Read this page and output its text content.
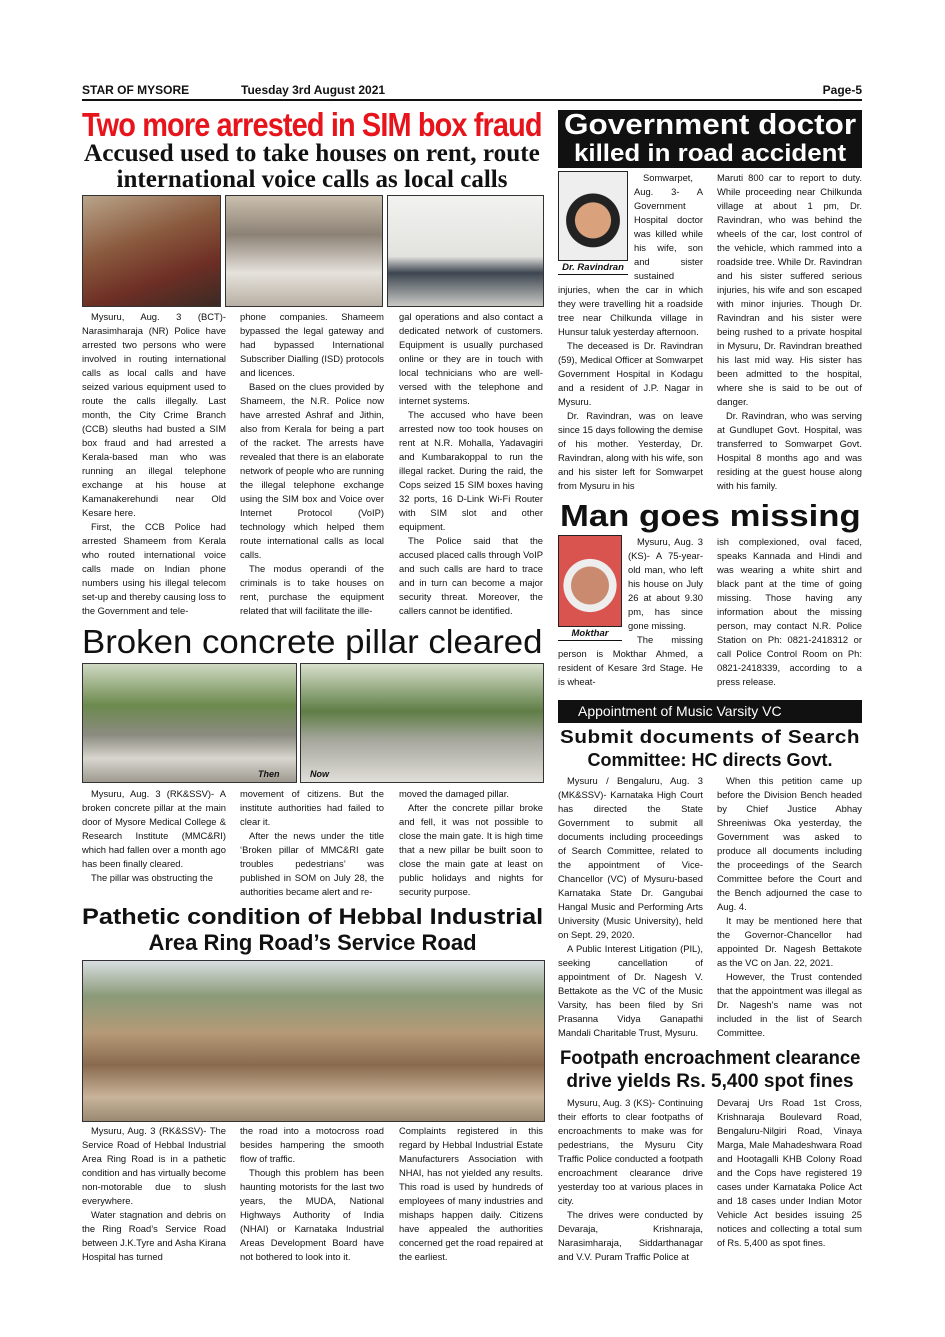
STAR OF MYSORE	Tuesday 3rd August 2021	Page-5
Two more arrested in SIM box fraud
Accused used to take houses on rent, route
international voice calls as local calls

Mysuru, Aug. 3 (BCT)- Narasimharaja (NR) Police have arrested two persons who were involved in routing international calls as local calls and have seized various equipment used to route the calls illegally. Last month, the City Crime Branch (CCB) sleuths had busted a SIM box fraud and had arrested a Kerala-based man who was running an illegal telephone exchange at his house at Kamanakerehundi near Old Kesare here.

First, the CCB Police had arrested Shameem from Kerala who routed international voice calls made on Indian phone numbers using his illegal telecom set-up and thereby causing loss to the Government and tele-

phone companies. Shameem bypassed the legal gateway and had bypassed International Subscriber Dialling (ISD) protocols and licences.

Based on the clues provided by Shameem, the N.R. Police now have arrested Ashraf and Jithin, also from Kerala for being a part of the racket. The arrests have revealed that there is an elaborate network of people who are running the illegal telephone exchange using the SIM box and Voice over Internet Protocol (VoIP) technology which helped them route international calls as local calls.

The modus operandi of the criminals is to take houses on rent, purchase the equipment related that will facilitate the ille-

gal operations and also contact a dedicated network of customers. Equipment is usually purchased online or they are in touch with local technicians who are well-versed with the telephone and internet systems.

The accused who have been arrested now too took houses on rent at N.R. Mohalla, Yadavagiri and Kumbarakoppal to run the illegal racket. During the raid, the Cops seized 15 SIM boxes having 32 ports, 16 D-Link Wi-Fi Router with SIM slot and other equipment.

The Police said that the accused placed calls through VoIP and such calls are hard to trace and in turn can become a major security threat. Moreover, the callers cannot be identified.

Government doctor
killed in road accident
Dr. Ravindran

Somwarpet, Aug. 3- A Government Hospital doctor was killed while his wife, son and sister sustained injuries, when the car in which they were travelling hit a roadside tree near Chilkunda village in Hunsur taluk yesterday afternoon.

The deceased is Dr. Ravindran (59), Medical Officer at Somwarpet Government Hospital in Kodagu and a resident of J.P. Nagar in Mysuru.

Dr. Ravindran, was on leave since 15 days following the demise of his mother. Yesterday, Dr. Ravindran, along with his wife, son and his sister left for Somwarpet from Mysuru in his

Maruti 800 car to report to duty. While proceeding near Chilkunda village at about 1 pm, Dr. Ravindran, who was behind the wheels of the car, lost control of the vehicle, which rammed into a roadside tree. While Dr. Ravindran and his sister suffered serious injuries, his wife and son escaped with minor injuries. Though Dr. Ravindran and his sister were being rushed to a private hospital in Mysuru, Dr. Ravindran breathed his last mid way. His sister has been admitted to the hospital, where she is said to be out of danger.

Dr. Ravindran, who was serving at Gundlupet Govt. Hospital, was transferred to Somwarpet Govt. Hospital 8 months ago and was residing at the guest house along with his family.

Man goes missing
Mokthar

Mysuru, Aug. 3 (KS)- A 75-year-old man, who left his house on July 26 at about 9.30 pm, has since gone missing.

The missing person is Mokthar Ahmed, a resident of Kesare 3rd Stage. He is wheat-

ish complexioned, oval faced, speaks Kannada and Hindi and was wearing a white shirt and black pant at the time of going missing. Those having any information about the missing person, may contact N.R. Police Station on Ph: 0821-2418312 or call Police Control Room on Ph: 0821-2418339, according to a press release.

Broken concrete pillar cleared
Then	Now

Mysuru, Aug. 3 (RK&SSV)- A broken concrete pillar at the main door of Mysore Medical College & Research Institute (MMC&RI) which had fallen over a month ago has been finally cleared.

The pillar was obstructing the

movement of citizens. But the institute authorities had failed to clear it.

After the news under the title ‘Broken pillar of MMC&RI gate troubles pedestrians’ was published in SOM on July 28, the authorities became alert and re-

moved the damaged pillar.

After the concrete pillar broke and fell, it was not possible to close the main gate. It is high time that a new pillar be built soon to close the main gate at least on public holidays and nights for security purpose.

Pathetic condition of Hebbal Industrial
Area Ring Road’s Service Road

Mysuru, Aug. 3 (RK&SSV)- The Service Road of Hebbal Industrial Area Ring Road is in a pathetic condition and has virtually become non-motorable due to slush everywhere.

Water stagnation and debris on the Ring Road’s Service Road between J.K.Tyre and Asha Kirana Hospital has turned

the road into a motocross road besides hampering the smooth flow of traffic.

Though this problem has been haunting motorists for the last two years, the MUDA, National Highways Authority of India (NHAI) or Karnataka Industrial Areas Development Board have not bothered to look into it.

Complaints registered in this regard by Hebbal Industrial Estate Manufacturers Association with NHAI, has not yielded any results. This road is used by hundreds of employees of many industries and mishaps happen daily. Citizens have appealed the authorities concerned get the road repaired at the earliest.

Appointment of Music Varsity VC
Submit documents of Search
Committee: HC directs Govt.

Mysuru / Bengaluru, Aug. 3 (MK&SSV)- Karnataka High Court has directed the State Government to submit all documents including proceedings of Search Committee, related to the appointment of Vice-Chancellor (VC) of Mysuru-based Karnataka State Dr. Gangubai Hangal Music and Performing Arts University (Music University), held on Sept. 29, 2020.

A Public Interest Litigation (PIL), seeking cancellation of appointment of Dr. Nagesh V. Bettakote as the VC of the Music Varsity, has been filed by Sri Prasanna Vidya Ganapathi Mandali Charitable Trust, Mysuru.

When this petition came up before the Division Bench headed by Chief Justice Abhay Shreeniwas Oka yesterday, the Government was asked to produce all documents including the proceedings of the Search Committee before the Court and the Bench adjourned the case to Aug. 4.

It may be mentioned here that the Governor-Chancellor had appointed Dr. Nagesh Bettakote as the VC on Jan. 22, 2021.

However, the Trust contended that the appointment was illegal as Dr. Nagesh’s name was not included in the list of Search Committee.

Footpath encroachment clearance
drive yields Rs. 5,400 spot fines

Mysuru, Aug. 3 (KS)- Continuing their efforts to clear footpaths of encroachments to make was for pedestrians, the Mysuru City Traffic Police conducted a footpath encroachment clearance drive yesterday too at various places in city.

The drives were conducted by Devaraja, Krishnaraja, Narasimharaja, Siddarthanagar and V.V. Puram Traffic Police at

Devaraj Urs Road 1st Cross, Krishnaraja Boulevard Road, Bengaluru-Nilgiri Road, Vinaya Marga, Male Mahadeshwara Road and Hootagalli KHB Colony Road and the Cops have registered 19 cases under Karnataka Police Act and 18 cases under Indian Motor Vehicle Act besides issuing 25 notices and collecting a total sum of Rs. 5,400 as spot fines.
